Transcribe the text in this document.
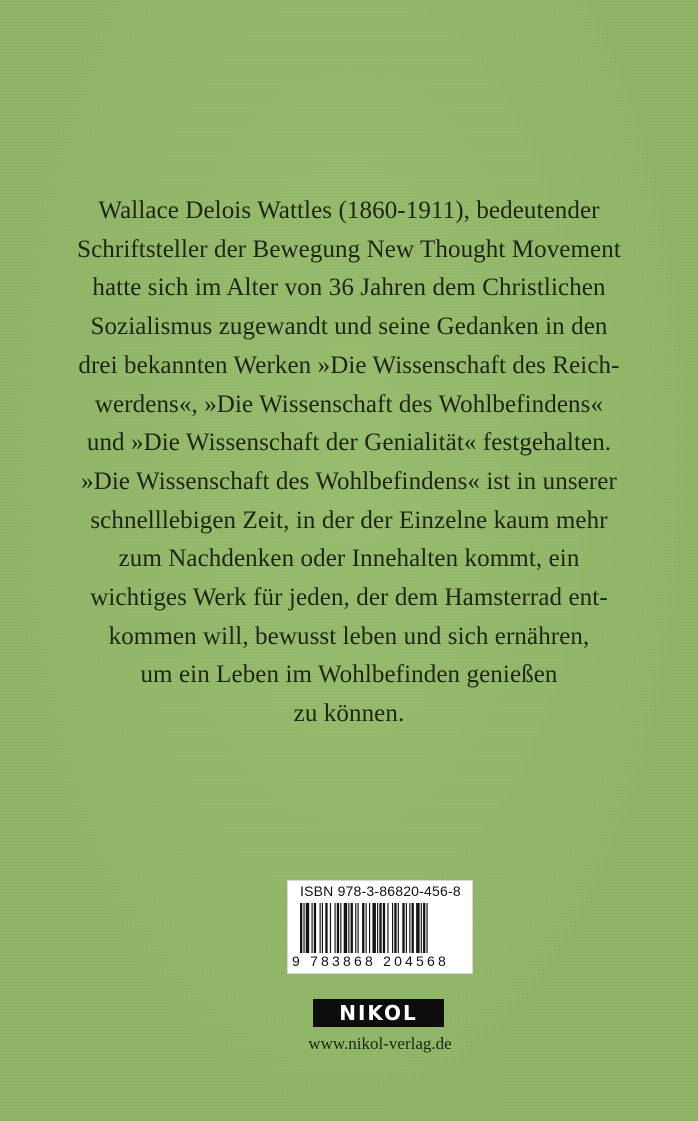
Wallace Delois Wattles (1860-1911), bedeutender
Schriftsteller der Bewegung New Thought Movement
hatte sich im Alter von 36 Jahren dem Christlichen
Sozialismus zugewandt und seine Gedanken in den
drei bekannten Werken »Die Wissenschaft des Reich-
werdens«, »Die Wissenschaft des Wohlbefindens«
und »Die Wissenschaft der Genialität« festgehalten.
»Die Wissenschaft des Wohlbefindens« ist in unserer
schnelllebigen Zeit, in der der Einzelne kaum mehr
zum Nachdenken oder Innehalten kommt, ein
wichtiges Werk für jeden, der dem Hamsterrad ent-
kommen will, bewusst leben und sich ernähren,
um ein Leben im Wohlbefinden genießen
zu können.
ISBN 978-3-86820-456-8
9 783868 204568
NIKOL
www.nikol-verlag.de
